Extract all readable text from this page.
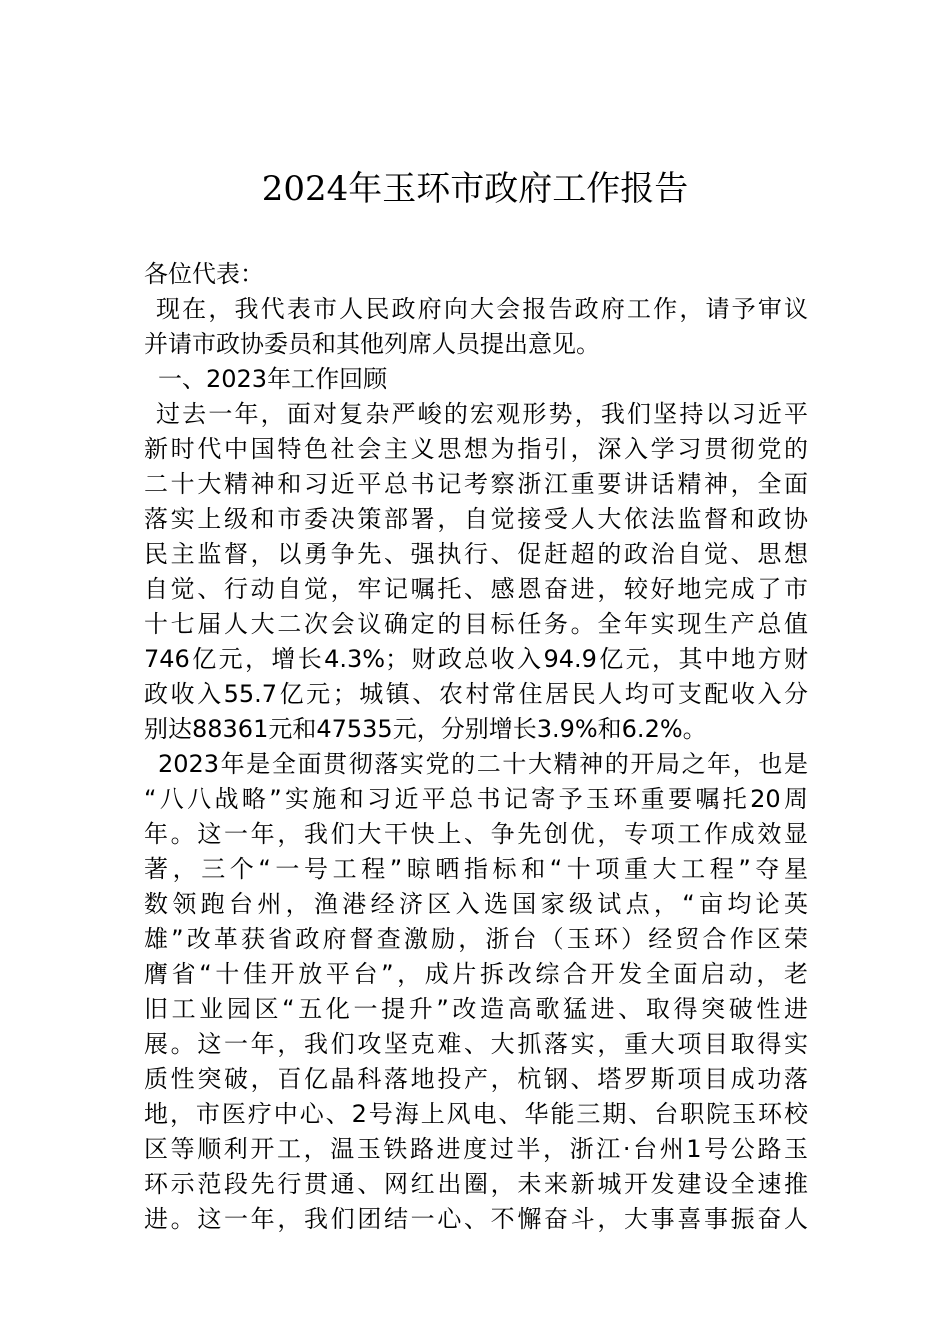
2024年玉环市政府工作报告
各位代表：
现在，我代表市人民政府向大会报告政府工作，请予审议
并请市政协委员和其他列席人员提出意见。
一、2023年工作回顾
过去一年，面对复杂严峻的宏观形势，我们坚持以习近平
新时代中国特色社会主义思想为指引，深入学习贯彻党的
二十大精神和习近平总书记考察浙江重要讲话精神，全面
落实上级和市委决策部署，自觉接受人大依法监督和政协
民主监督，以勇争先、强执行、促赶超的政治自觉、思想
自觉、行动自觉，牢记嘱托、感恩奋进，较好地完成了市
十七届人大二次会议确定的目标任务。全年实现生产总值
746亿元，增长4.3%；财政总收入94.9亿元，其中地方财
政收入55.7亿元；城镇、农村常住居民人均可支配收入分
别达88361元和47535元，分别增长3.9%和6.2%。
2023年是全面贯彻落实党的二十大精神的开局之年，也是
“八八战略”实施和习近平总书记寄予玉环重要嘱托20周
年。这一年，我们大干快上、争先创优，专项工作成效显
著，三个“一号工程”晾晒指标和“十项重大工程”夺星
数领跑台州，渔港经济区入选国家级试点，“亩均论英
雄”改革获省政府督查激励，浙台（玉环）经贸合作区荣
膺省“十佳开放平台”，成片拆改综合开发全面启动，老
旧工业园区“五化一提升”改造高歌猛进、取得突破性进
展。这一年，我们攻坚克难、大抓落实，重大项目取得实
质性突破，百亿晶科落地投产，杭钢、塔罗斯项目成功落
地，市医疗中心、2号海上风电、华能三期、台职院玉环校
区等顺利开工，温玉铁路进度过半，浙江·台州1号公路玉
环示范段先行贯通、网红出圈，未来新城开发建设全速推
进。这一年，我们团结一心、不懈奋斗，大事喜事振奋人
